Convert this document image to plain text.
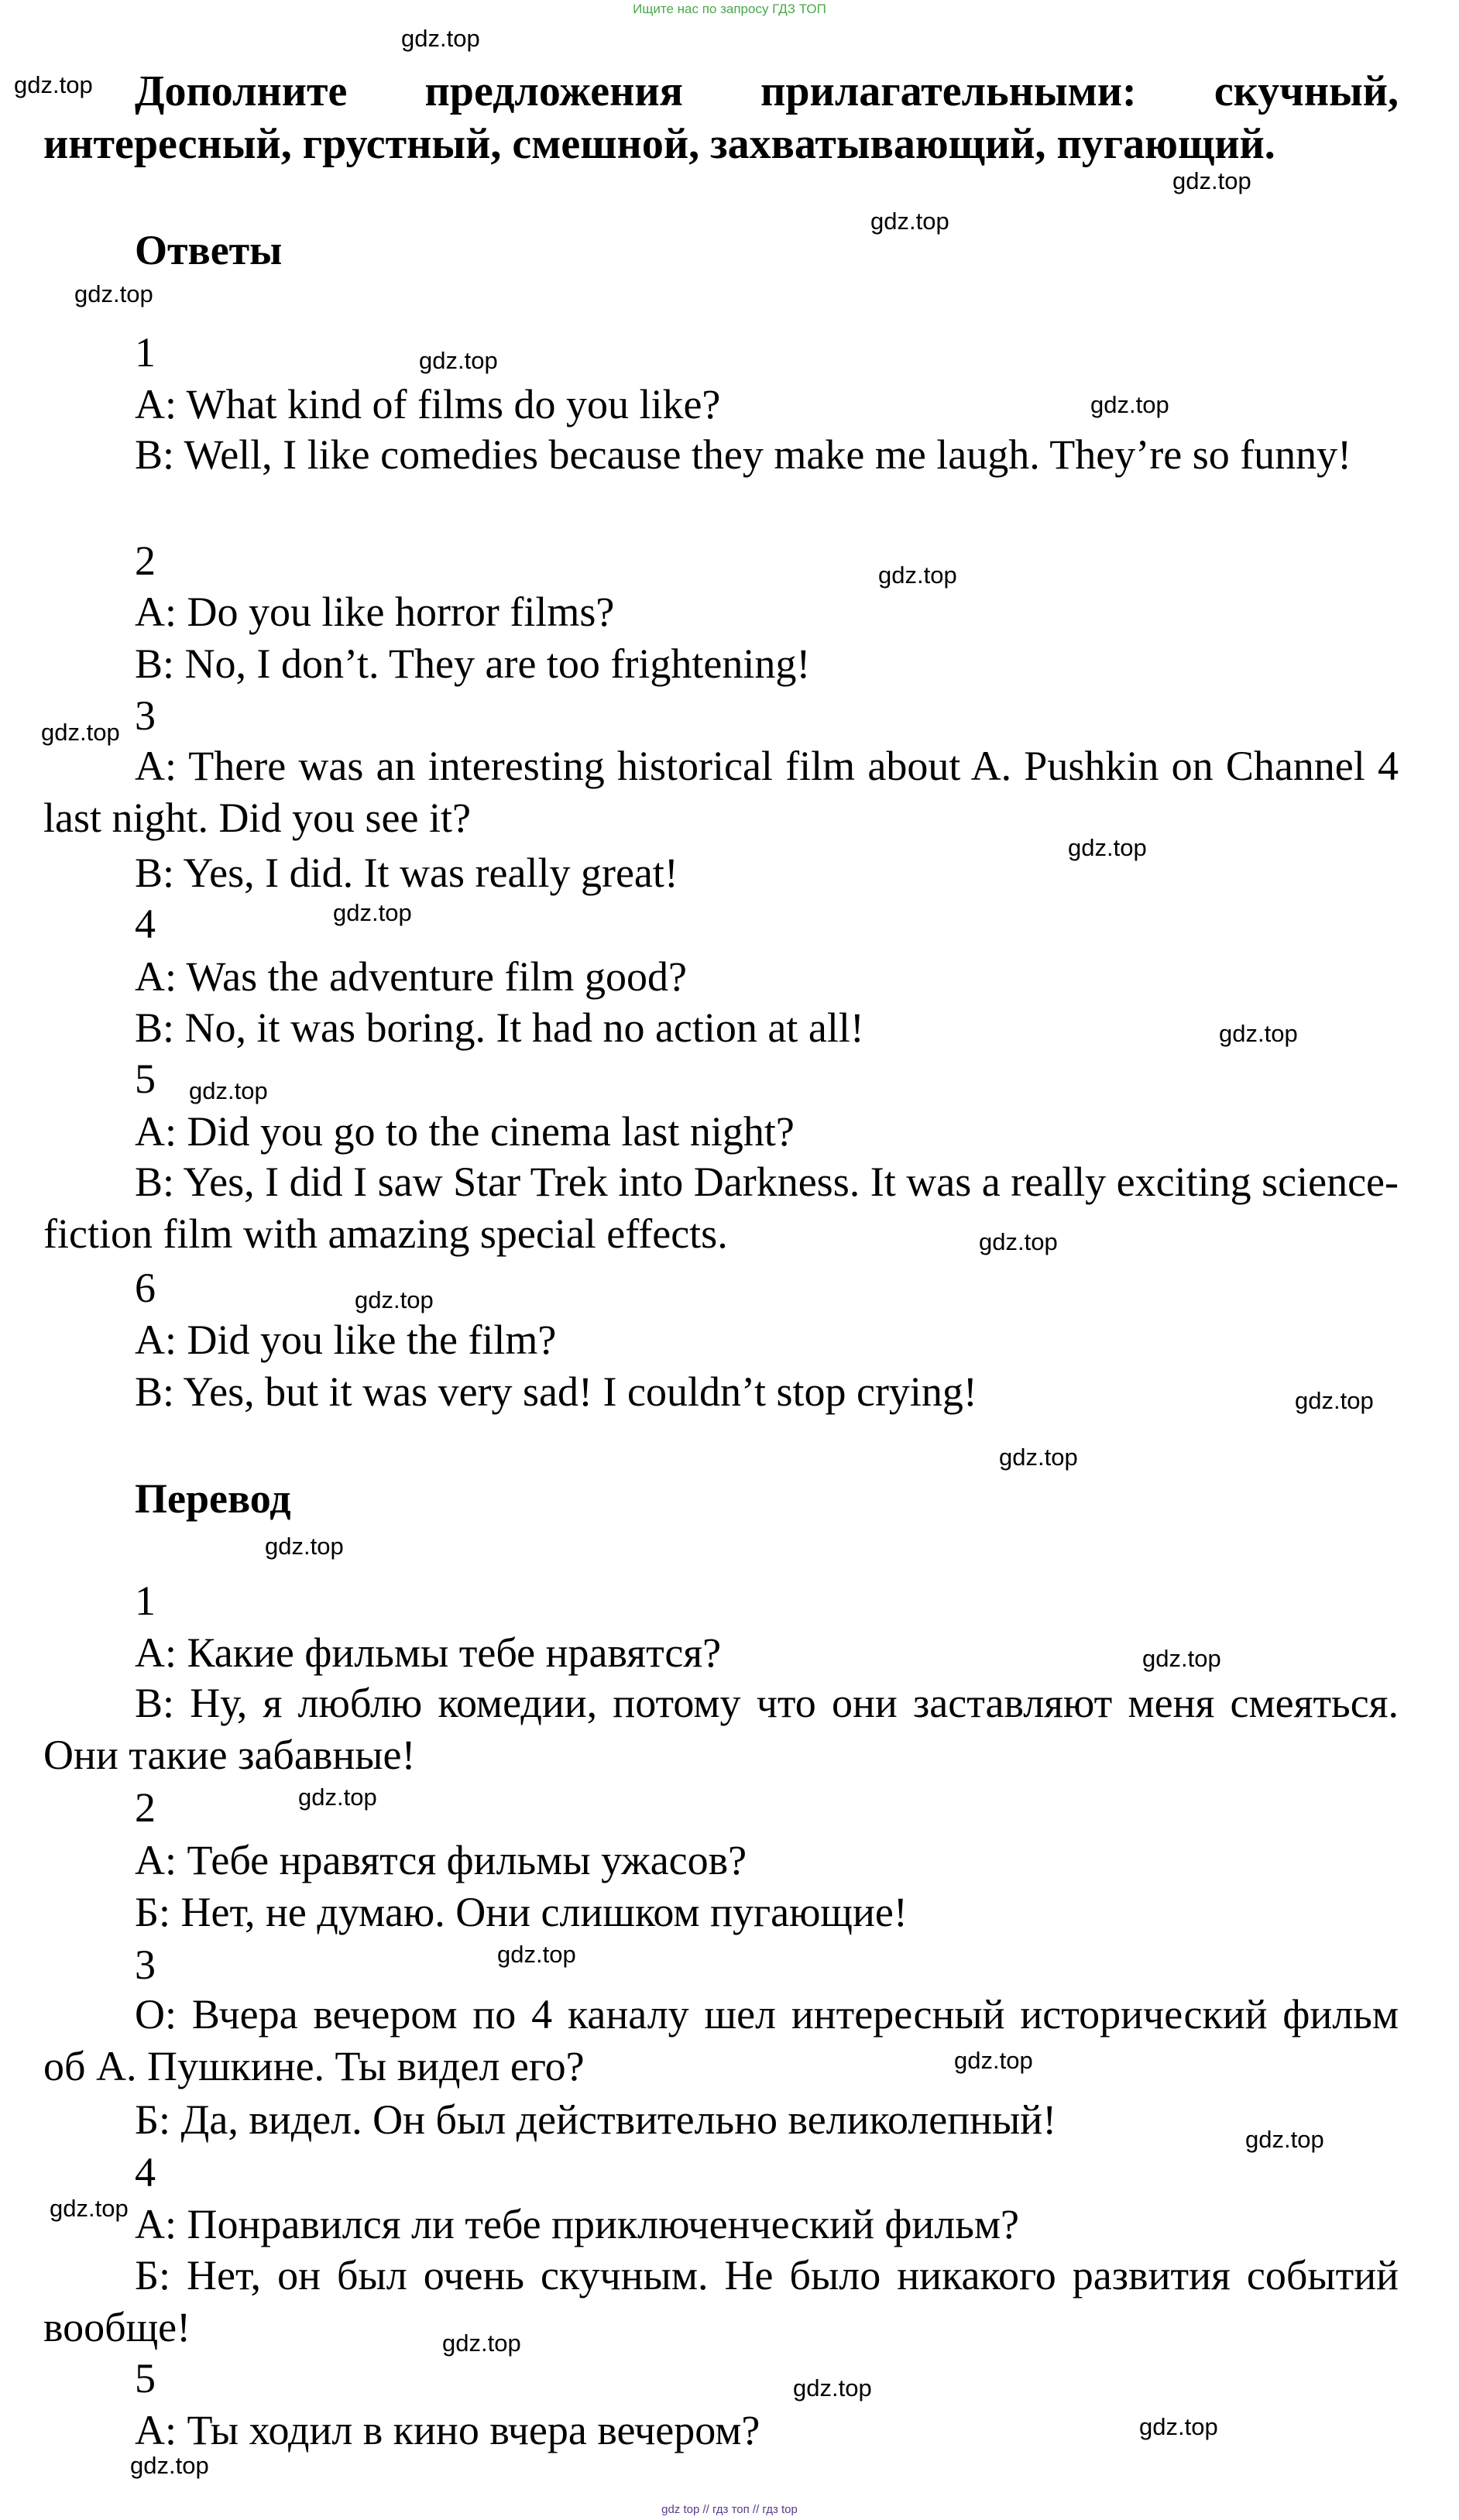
Ищите нас по запросу ГДЗ ТОП
Дополните предложения прилагательными: скучный, интересный, грустный, смешной, захватывающий, пугающий.
Ответы
1
A: What kind of films do you like?
B: Well, I like comedies because they make me laugh. They’re so funny!
2
A: Do you like horror films?
B: No, I don’t. They are too frightening!
3
A: There was an interesting historical film about A. Pushkin on Channel 4 last night. Did you see it?
B: Yes, I did. It was really great!
4
A: Was the adventure film good?
B: No, it was boring. It had no action at all!
5
A: Did you go to the cinema last night?
B: Yes, I did I saw Star Trek into Darkness. It was a really exciting science-fiction film with amazing special effects.
6
A: Did you like the film?
B: Yes, but it was very sad! I couldn’t stop crying!
Перевод
1
А: Какие фильмы тебе нравятся?
В: Ну, я люблю комедии, потому что они заставляют меня смеяться. Они такие забавные!
2
А: Тебе нравятся фильмы ужасов?
Б: Нет, не думаю. Они слишком пугающие!
3
О: Вчера вечером по 4 каналу шел интересный исторический фильм об А. Пушкине. Ты видел его?
Б: Да, видел. Он был действительно великолепный!
4
А: Понравился ли тебе приключенческий фильм?
Б: Нет, он был очень скучным. Не было никакого развития событий вообще!
5
А: Ты ходил в кино вчера вечером?
gdz.top
gdz.top
gdz.top
gdz.top
gdz.top
gdz.top
gdz.top
gdz.top
gdz.top
gdz.top
gdz.top
gdz.top
gdz.top
gdz.top
gdz.top
gdz.top
gdz.top
gdz.top
gdz.top
gdz.top
gdz.top
gdz.top
gdz.top
gdz.top
gdz.top
gdz.top
gdz.top
gdz.top
gdz top // гдз топ // гдз top
